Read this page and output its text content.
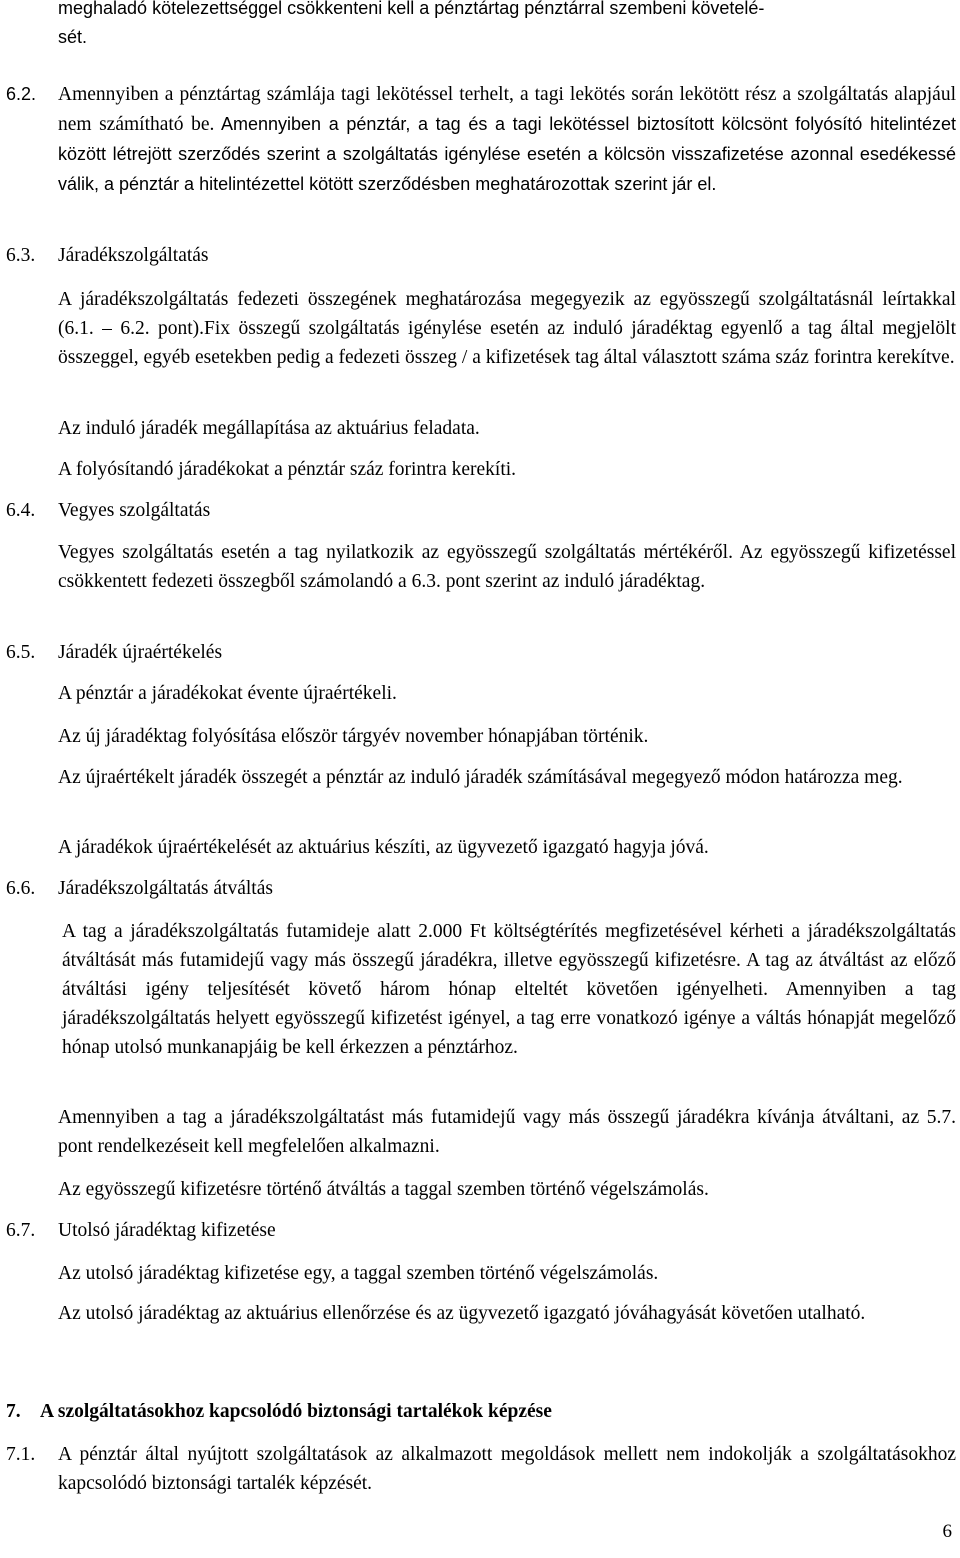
meghaladó kötelezettséggel csökkenteni kell a pénztártag pénztárral szembeni követelé-

sét.

6.2. Amennyiben a pénztártag számlája tagi lekötéssel terhelt, a tagi lekötés során lekötött rész a szolgáltatás alapjául nem számítható be. Amennyiben a pénztár, a tag és a tagi lekötéssel biztosított kölcsönt folyósító hitelintézet között létrejött szerződés szerint a szolgáltatás igénylése esetén a kölcsön visszafizetése azonnal esedékessé válik, a pénztár a hitelintézettel kötött szerződésben meghatározottak szerint jár el.

6.3. Járadékszolgáltatás

A járadékszolgáltatás fedezeti összegének meghatározása megegyezik az egyösszegű szolgáltatásnál leírtakkal (6.1. – 6.2. pont).Fix összegű szolgáltatás igénylése esetén az induló járadéktag egyenlő a tag által megjelölt összeggel, egyéb esetekben pedig a fedezeti összeg / a kifizetések tag által választott száma száz forintra kerekítve.

Az induló járadék megállapítása az aktuárius feladata.

A folyósítandó járadékokat a pénztár száz forintra kerekíti.

6.4. Vegyes szolgáltatás

Vegyes szolgáltatás esetén a tag nyilatkozik az egyösszegű szolgáltatás mértékéről. Az egyösszegű kifizetéssel csökkentett fedezeti összegből számolandó a 6.3. pont szerint az induló járadéktag.

6.5. Járadék újraértékelés

A pénztár a járadékokat évente újraértékeli.

Az új járadéktag folyósítása először tárgyév november hónapjában történik.

Az újraértékelt járadék összegét a pénztár az induló járadék számításával megegyező módon határozza meg.

A járadékok újraértékelését az aktuárius készíti, az ügyvezető igazgató hagyja jóvá.

6.6. Járadékszolgáltatás átváltás

A tag a járadékszolgáltatás futamideje alatt 2.000 Ft költségtérítés megfizetésével kérheti a járadékszolgáltatás átváltását más futamidejű vagy más összegű járadékra, illetve egyösszegű kifizetésre. A tag az átváltást az előző átváltási igény teljesítését követő három hónap elteltét követően igényelheti. Amennyiben a tag járadékszolgáltatás helyett egyösszegű kifizetést igényel, a tag erre vonatkozó igénye a váltás hónapját megelőző hónap utolsó munkanapjáig be kell érkezzen a pénztárhoz.

Amennyiben a tag a járadékszolgáltatást más futamidejű vagy más összegű járadékra kívánja átváltani, az 5.7. pont rendelkezéseit kell megfelelően alkalmazni.

Az egyösszegű kifizetésre történő átváltás a taggal szemben történő végelszámolás.

6.7. Utolsó járadéktag kifizetése

Az utolsó járadéktag kifizetése egy, a taggal szemben történő végelszámolás.

Az utolsó járadéktag az aktuárius ellenőrzése és az ügyvezető igazgató jóváhagyását követően utalható.

7. A szolgáltatásokhoz kapcsolódó biztonsági tartalékok képzése
7.1. A pénztár által nyújtott szolgáltatások az alkalmazott megoldások mellett nem indokolják a szolgáltatásokhoz kapcsolódó biztonsági tartalék képzését.

6
